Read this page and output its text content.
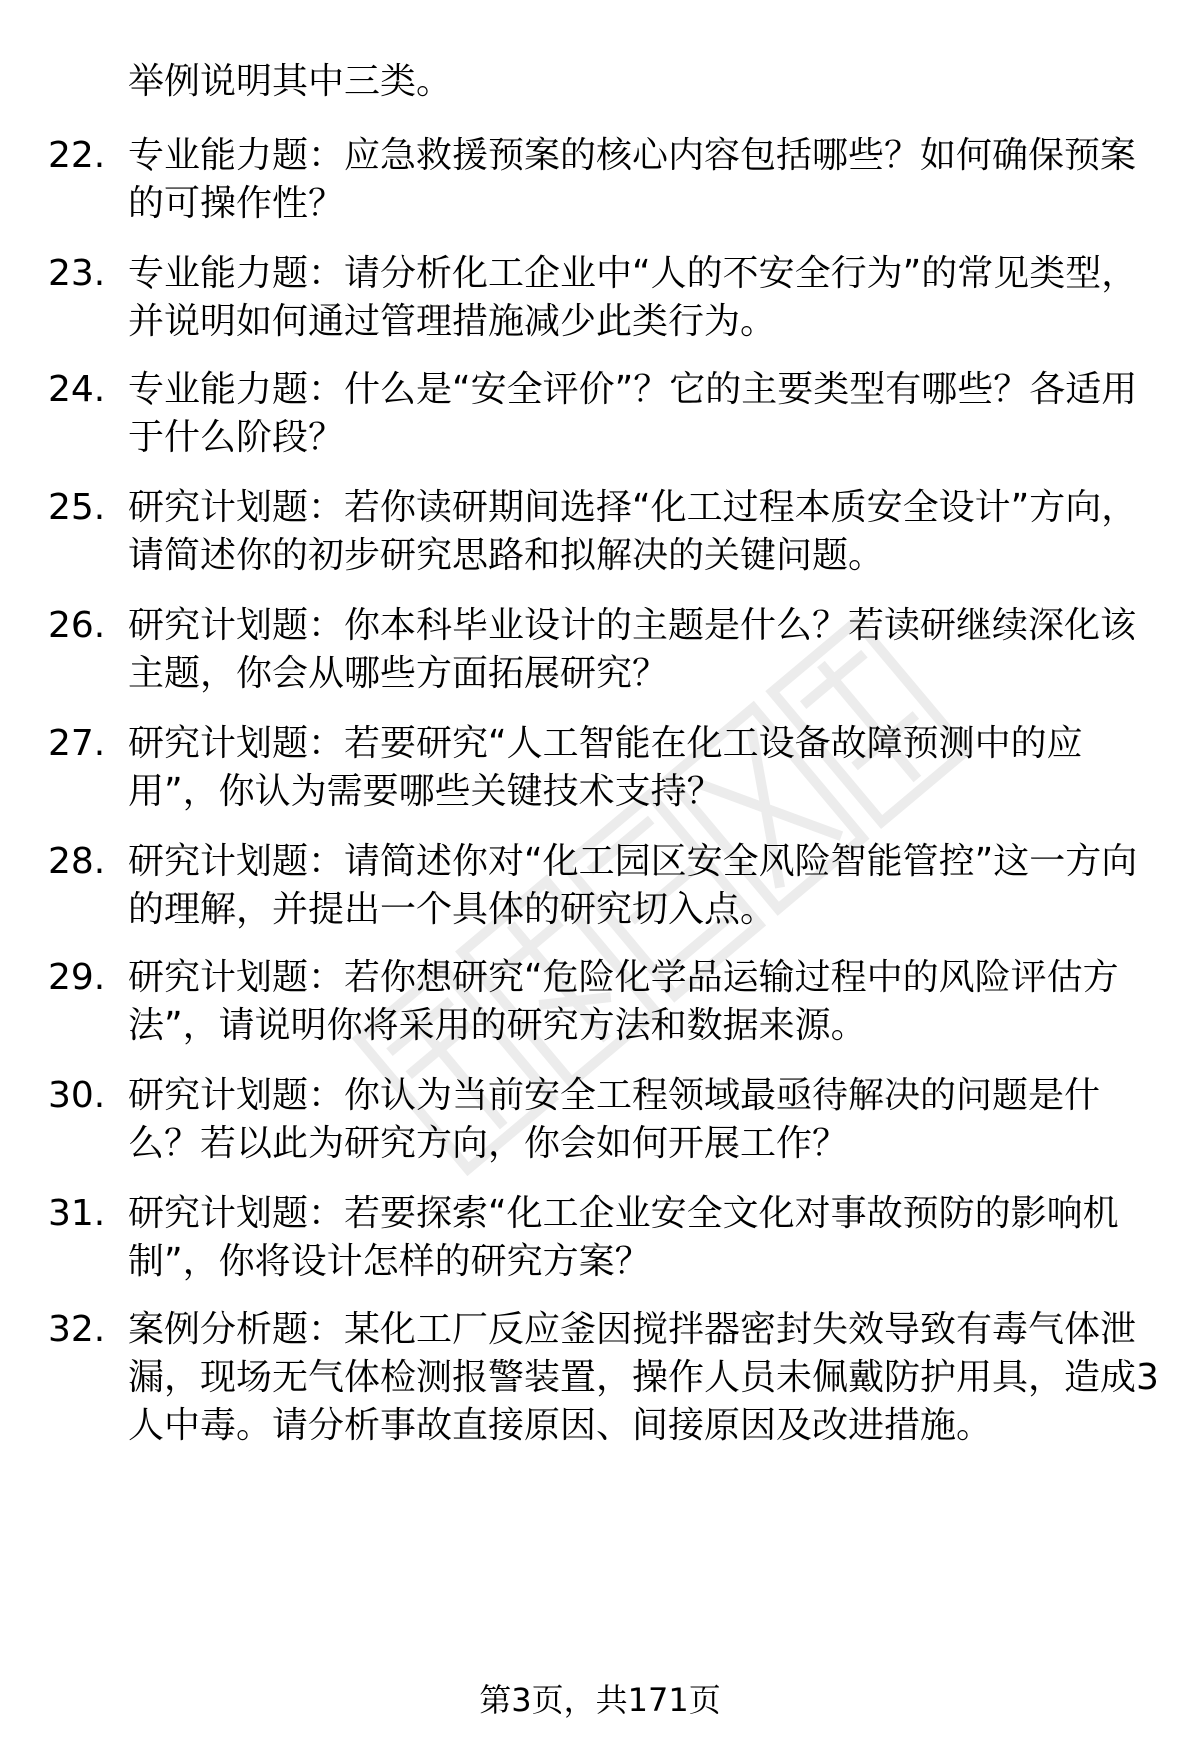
举例说明其中三类。
22. 专业能力题：应急救援预案的核心内容包括哪些？如何确保预案的可操作性？
23. 专业能力题：请分析化工企业中“人的不安全行为”的常见类型，并说明如何通过管理措施减少此类行为。
24. 专业能力题：什么是“安全评价”？它的主要类型有哪些？各适用于什么阶段？
25. 研究计划题：若你读研期间选择“化工过程本质安全设计”方向，请简述你的初步研究思路和拟解决的关键问题。
26. 研究计划题：你本科毕业设计的主题是什么？若读研继续深化该主题，你会从哪些方面拓展研究？
27. 研究计划题：若要研究“人工智能在化工设备故障预测中的应用”，你认为需要哪些关键技术支持？
28. 研究计划题：请简述你对“化工园区安全风险智能管控”这一方向的理解，并提出一个具体的研究切入点。
29. 研究计划题：若你想研究“危险化学品运输过程中的风险评估方法”，请说明你将采用的研究方法和数据来源。
30. 研究计划题：你认为当前安全工程领域最亟待解决的问题是什么？若以此为研究方向，你会如何开展工作？
31. 研究计划题：若要探索“化工企业安全文化对事故预防的影响机制”，你将设计怎样的研究方案？
32. 案例分析题：某化工厂反应釜因搅拌器密封失效导致有毒气体泄漏，现场无气体检测报警装置，操作人员未佩戴防护用具，造成3人中毒。请分析事故直接原因、间接原因及改进措施。
第3页，共171页
